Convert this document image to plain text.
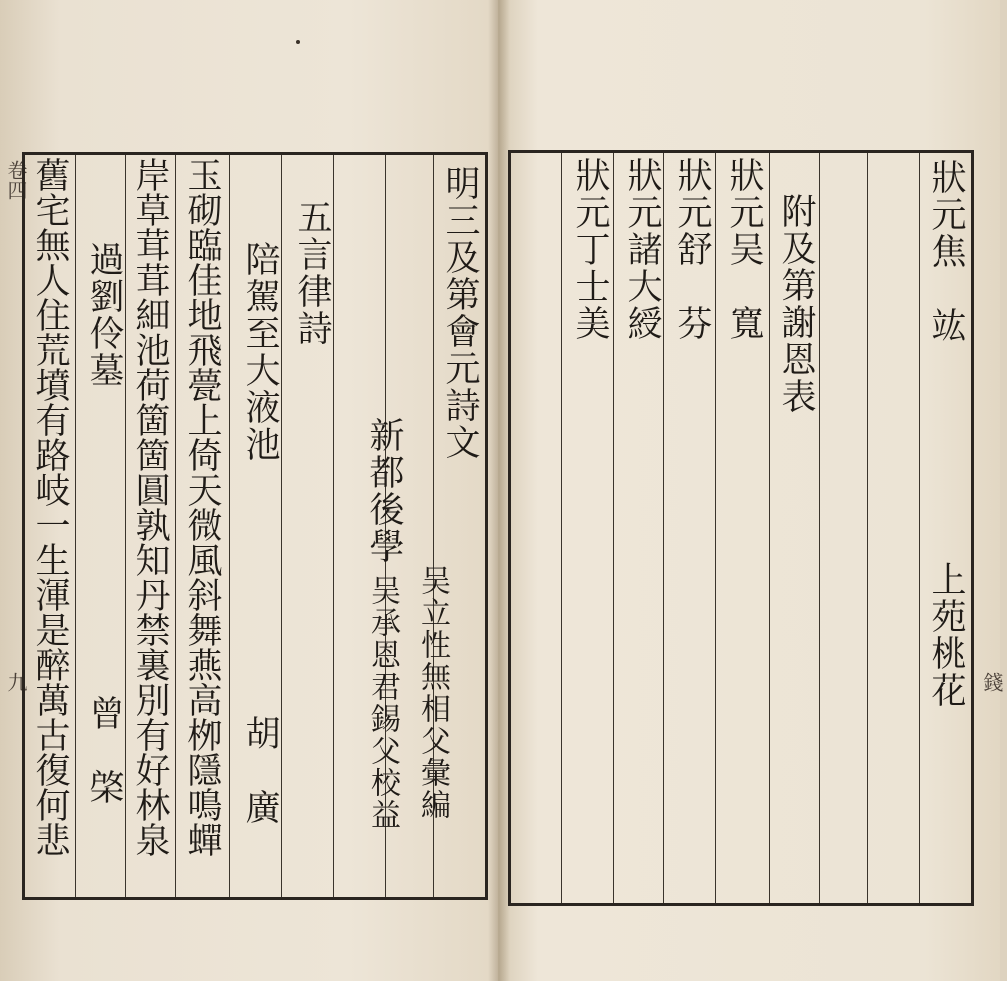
卷四
九
明三及第會元詩文
新都後學
吴立性無相父彙編
吴承恩君錫父校益
五言律詩
陪駕至大液池
胡　廣
玉砌臨佳地飛甍上倚天微風斜舞燕高栁隱鳴蟬
岸草茸茸細池荷箇箇圓孰知丹禁裏別有好林泉
過劉伶墓
曾　棨
舊宅無人住荒墳有路岐一生渾是醉萬古復何悲	錢
狀元焦　竑
上苑桃花
附及第謝恩表
狀元吴　寬
狀元舒　芬
狀元諸大綬
狀元丁士美
